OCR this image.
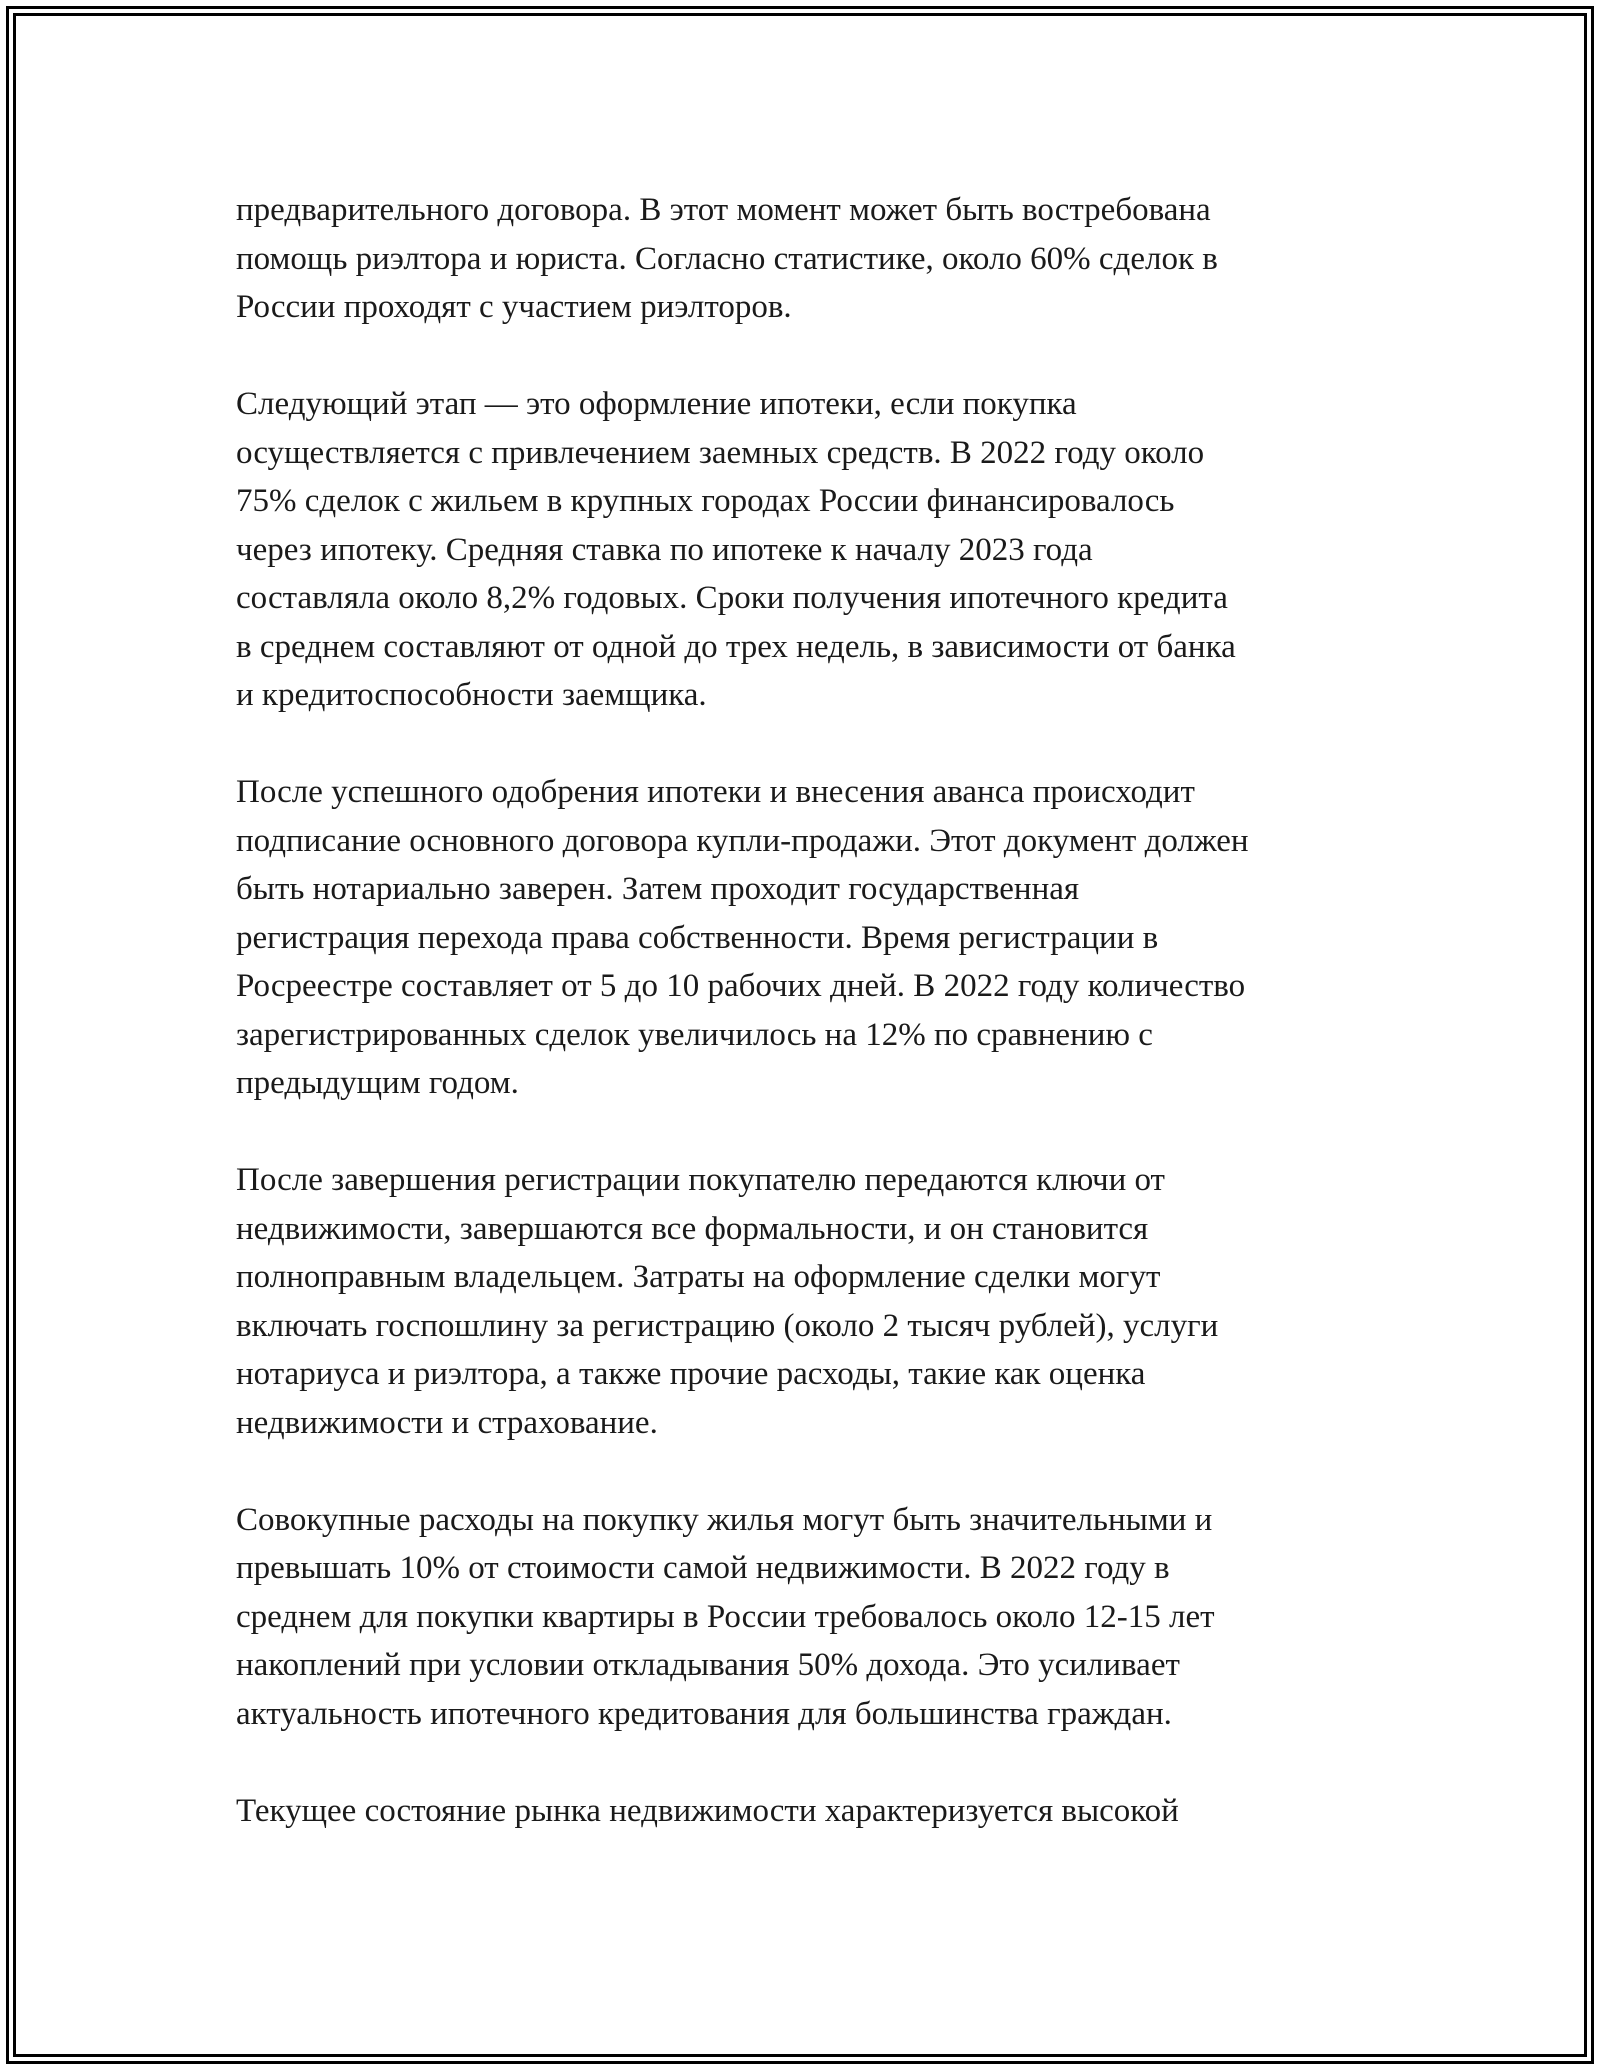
предварительного договора. В этот момент может быть востребована
помощь риэлтора и юриста. Согласно статистике, около 60% сделок в
России проходят с участием риэлторов.

Следующий этап — это оформление ипотеки, если покупка
осуществляется с привлечением заемных средств. В 2022 году около
75% сделок с жильем в крупных городах России финансировалось
через ипотеку. Средняя ставка по ипотеке к началу 2023 года
составляла около 8,2% годовых. Сроки получения ипотечного кредита
в среднем составляют от одной до трех недель, в зависимости от банка
и кредитоспособности заемщика.

После успешного одобрения ипотеки и внесения аванса происходит
подписание основного договора купли-продажи. Этот документ должен
быть нотариально заверен. Затем проходит государственная
регистрация перехода права собственности. Время регистрации в
Росреестре составляет от 5 до 10 рабочих дней. В 2022 году количество
зарегистрированных сделок увеличилось на 12% по сравнению с
предыдущим годом.

После завершения регистрации покупателю передаются ключи от
недвижимости, завершаются все формальности, и он становится
полноправным владельцем. Затраты на оформление сделки могут
включать госпошлину за регистрацию (около 2 тысяч рублей), услуги
нотариуса и риэлтора, а также прочие расходы, такие как оценка
недвижимости и страхование.

Совокупные расходы на покупку жилья могут быть значительными и
превышать 10% от стоимости самой недвижимости. В 2022 году в
среднем для покупки квартиры в России требовалось около 12-15 лет
накоплений при условии откладывания 50% дохода. Это усиливает
актуальность ипотечного кредитования для большинства граждан.

Текущее состояние рынка недвижимости характеризуется высокой
